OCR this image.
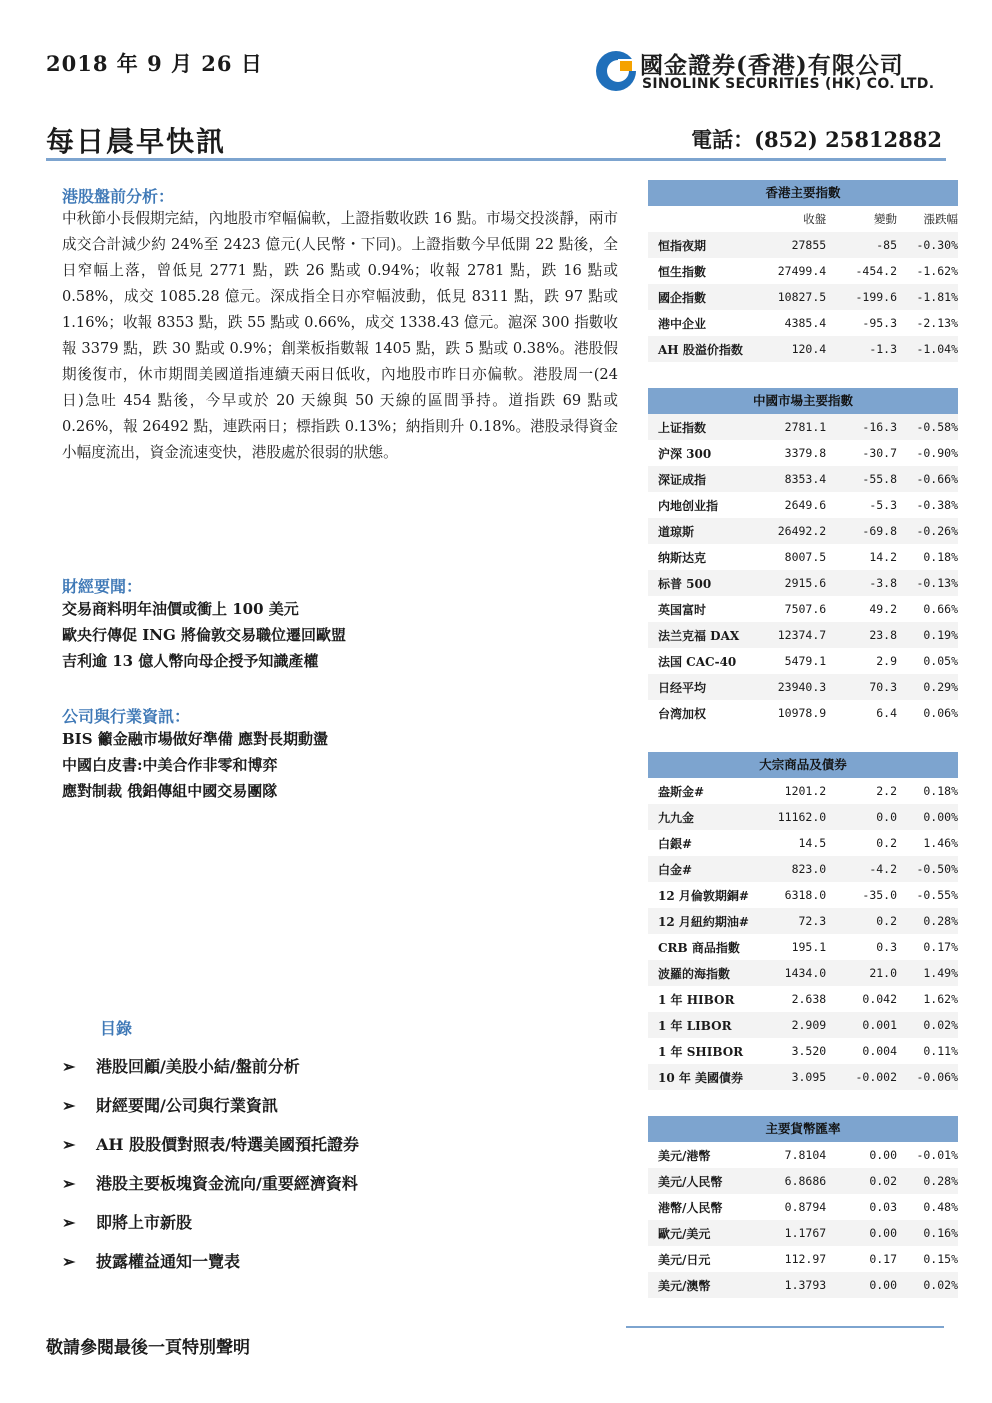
2018 年 9 月 26 日	國金證券(香港)有限公司
SINOLINK SECURITIES (HK) CO. LTD.
每日晨早快訊	電話：(852) 25812882
港股盤前分析：
中秋節小長假期完結，內地股市窄幅偏軟，上證指數收跌 16 點。市場交投淡靜，兩市成交合計減少約 24%至 2423 億元(人民幣・下同)。上證指數今早低開 22 點後，全日窄幅上落，曾低見 2771 點，跌 26 點或 0.94%；收報 2781 點，跌 16 點或 0.58%，成交 1085.28 億元。深成指全日亦窄幅波動，低見 8311 點，跌 97 點或 1.16%；收報 8353 點，跌 55 點或 0.66%，成交 1338.43 億元。滬深 300 指數收報 3379 點，跌 30 點或 0.9%；創業板指數報 1405 點，跌 5 點或 0.38%。港股假期後復市，休市期間美國道指連續天兩日低收，內地股市昨日亦偏軟。港股周一(24 日)急吐 454 點後，今早或於 20 天線與 50 天線的區間爭持。道指跌 69 點或 0.26%，報 26492 點，連跌兩日；標指跌 0.13%；納指則升 0.18%。港股录得資金小幅度流出，資金流速变快，港股處於很弱的狀態。
財經要聞：
交易商料明年油價或衝上 100 美元
歐央行傳促 ING 將倫敦交易職位遷回歐盟
吉利逾 13 億人幣向母企授予知識產權
公司與行業資訊：
BIS 籲金融市場做好準備 應對長期動盪
中國白皮書:中美合作非零和博弈
應對制裁 俄鋁傳組中國交易團隊
目錄
➢ 港股回顧/美股小結/盤前分析
➢ 財經要聞/公司與行業資訊
➢ AH 股股價對照表/特選美國預托證券
➢ 港股主要板塊資金流向/重要經濟資料
➢ 即將上市新股
➢ 披露權益通知一覽表
香港主要指數
收盤	變動	漲跌幅
恒指夜期	27855	-85	-0.30%
恒生指數	27499.4	-454.2	-1.62%
國企指數	10827.5	-199.6	-1.81%
港中企业	4385.4	-95.3	-2.13%
AH 股溢价指数	120.4	-1.3	-1.04%
中國市場主要指數
上证指数	2781.1	-16.3	-0.58%
沪深 300	3379.8	-30.7	-0.90%
深证成指	8353.4	-55.8	-0.66%
内地创业指	2649.6	-5.3	-0.38%
道琼斯	26492.2	-69.8	-0.26%
纳斯达克	8007.5	14.2	0.18%
标普 500	2915.6	-3.8	-0.13%
英国富时	7507.6	49.2	0.66%
法兰克福 DAX	12374.7	23.8	0.19%
法国 CAC-40	5479.1	2.9	0.05%
日经平均	23940.3	70.3	0.29%
台湾加权	10978.9	6.4	0.06%
大宗商品及債券
盎斯金#	1201.2	2.2	0.18%
九九金	11162.0	0.0	0.00%
白銀#	14.5	0.2	1.46%
白金#	823.0	-4.2	-0.50%
12 月倫敦期銅#	6318.0	-35.0	-0.55%
12 月紐約期油#	72.3	0.2	0.28%
CRB 商品指數	195.1	0.3	0.17%
波羅的海指數	1434.0	21.0	1.49%
1 年 HIBOR	2.638	0.042	1.62%
1 年 LIBOR	2.909	0.001	0.02%
1 年 SHIBOR	3.520	0.004	0.11%
10 年 美國債券	3.095	-0.002	-0.06%
主要貨幣匯率
美元/港幣	7.8104	0.00	-0.01%
美元/人民幣	6.8686	0.02	0.28%
港幣/人民幣	0.8794	0.03	0.48%
歐元/美元	1.1767	0.00	0.16%
美元/日元	112.97	0.17	0.15%
美元/澳幣	1.3793	0.00	0.02%
敬請參閱最後一頁特別聲明
